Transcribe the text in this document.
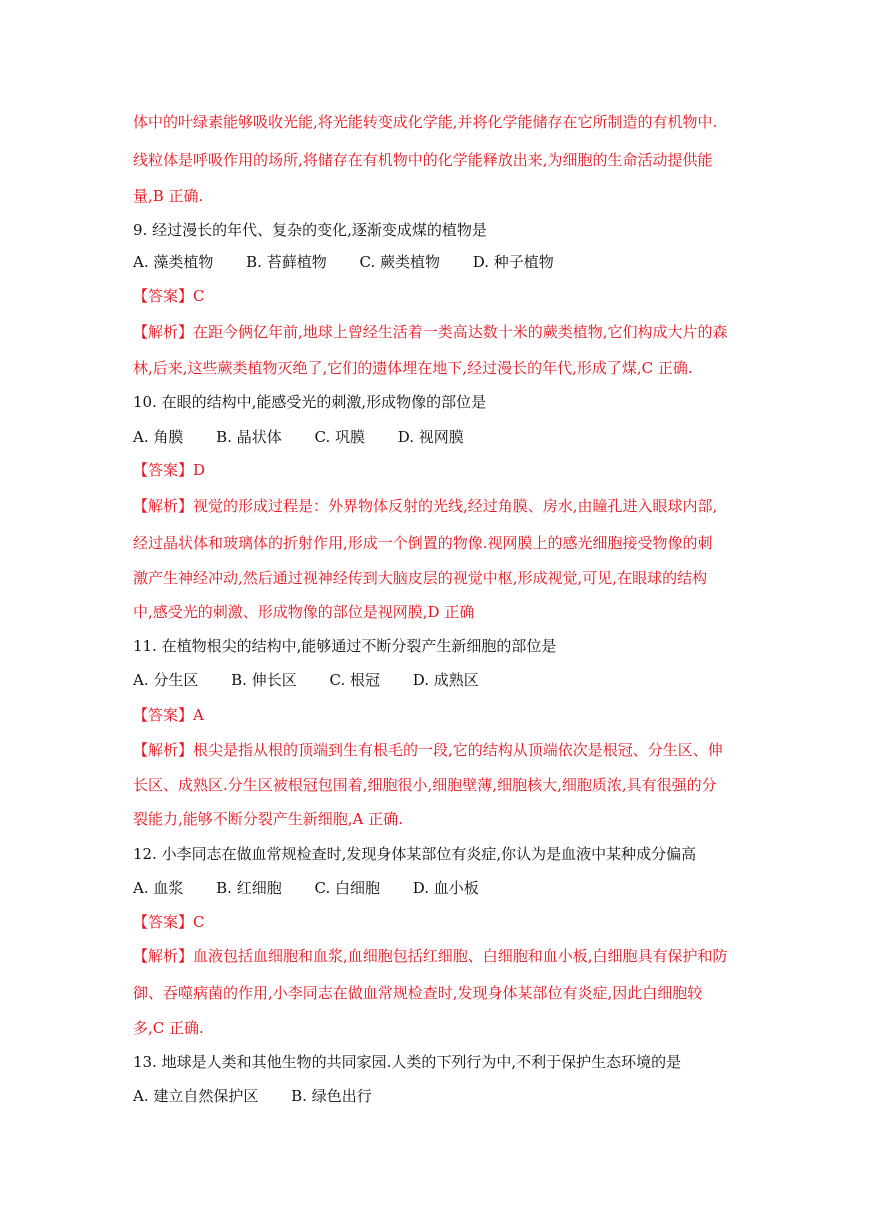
体中的叶绿素能够吸收光能,将光能转变成化学能,并将化学能储存在它所制造的有机物中.
线粒体是呼吸作用的场所,将储存在有机物中的化学能释放出来,为细胞的生命活动提供能
量,B 正确.
9. 经过漫长的年代、复杂的变化,逐渐变成煤的植物是
A. 藻类植物 B. 苔藓植物 C. 蕨类植物 D. 种子植物
【答案】C
【解析】在距今俩亿年前,地球上曾经生活着一类高达数十米的蕨类植物,它们构成大片的森
林,后来,这些蕨类植物灭绝了,它们的遗体埋在地下,经过漫长的年代,形成了煤,C 正确.
10. 在眼的结构中,能感受光的刺激,形成物像的部位是
A. 角膜 B. 晶状体 C. 巩膜 D. 视网膜
【答案】D
【解析】视觉的形成过程是：外界物体反射的光线,经过角膜、房水,由瞳孔进入眼球内部,
经过晶状体和玻璃体的折射作用,形成一个倒置的物像.视网膜上的感光细胞接受物像的刺
激产生神经冲动,然后通过视神经传到大脑皮层的视觉中枢,形成视觉,可见,在眼球的结构
中,感受光的刺激、形成物像的部位是视网膜,D 正确
11. 在植物根尖的结构中,能够通过不断分裂产生新细胞的部位是
A. 分生区 B. 伸长区 C. 根冠 D. 成熟区
【答案】A
【解析】根尖是指从根的顶端到生有根毛的一段,它的结构从顶端依次是根冠、分生区、伸
长区、成熟区.分生区被根冠包围着,细胞很小,细胞壁薄,细胞核大,细胞质浓,具有很强的分
裂能力,能够不断分裂产生新细胞,A 正确.
12. 小李同志在做血常规检查时,发现身体某部位有炎症,你认为是血液中某种成分偏高
A. 血浆 B. 红细胞 C. 白细胞 D. 血小板
【答案】C
【解析】血液包括血细胞和血浆,血细胞包括红细胞、白细胞和血小板,白细胞具有保护和防
御、吞噬病菌的作用,小李同志在做血常规检查时,发现身体某部位有炎症,因此白细胞较
多,C 正确.
13. 地球是人类和其他生物的共同家园.人类的下列行为中,不利于保护生态环境的是
A. 建立自然保护区 B. 绿色出行
